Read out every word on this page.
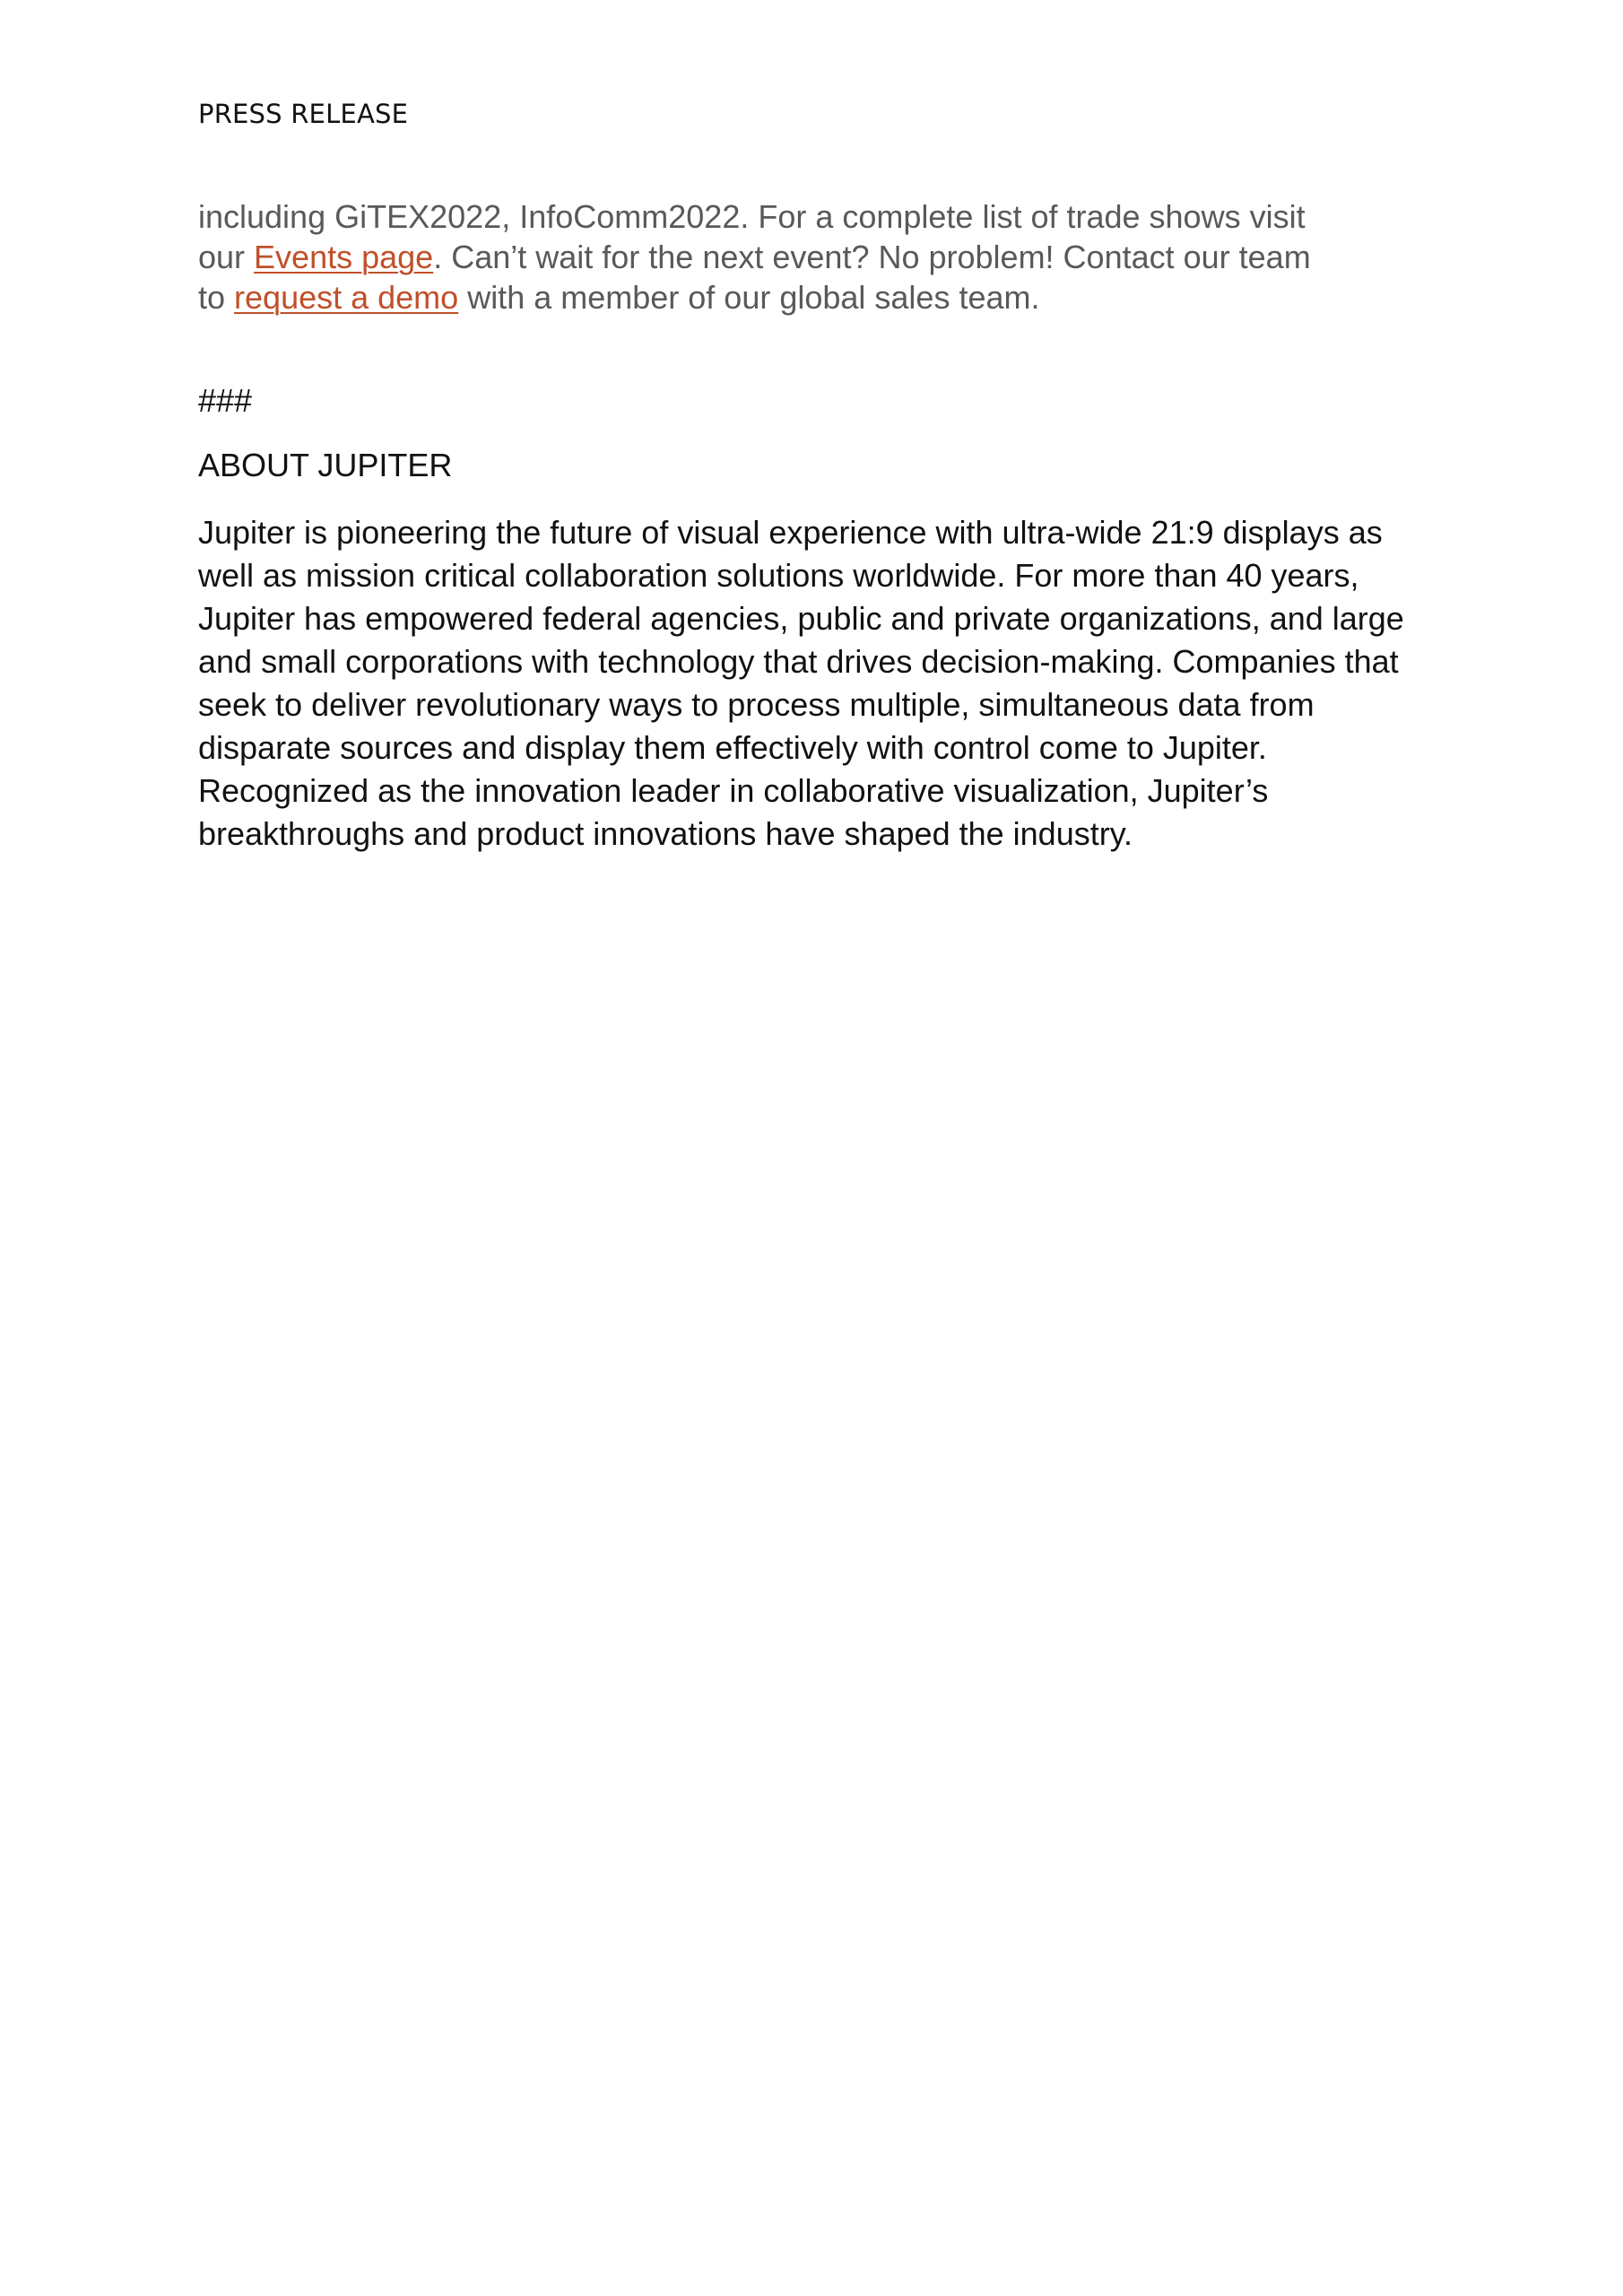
PRESS RELEASE
including GiTEX2022, InfoComm2022. For a complete list of trade shows visit
our Events page. Can’t wait for the next event? No problem! Contact our team
to request a demo with a member of our global sales team.
###
ABOUT JUPITER
Jupiter is pioneering the future of visual experience with ultra-wide 21:9 displays as
well as mission critical collaboration solutions worldwide. For more than 40 years,
Jupiter has empowered federal agencies, public and private organizations, and large
and small corporations with technology that drives decision-making. Companies that
seek to deliver revolutionary ways to process multiple, simultaneous data from
disparate sources and display them effectively with control come to Jupiter.
Recognized as the innovation leader in collaborative visualization, Jupiter’s
breakthroughs and product innovations have shaped the industry.
